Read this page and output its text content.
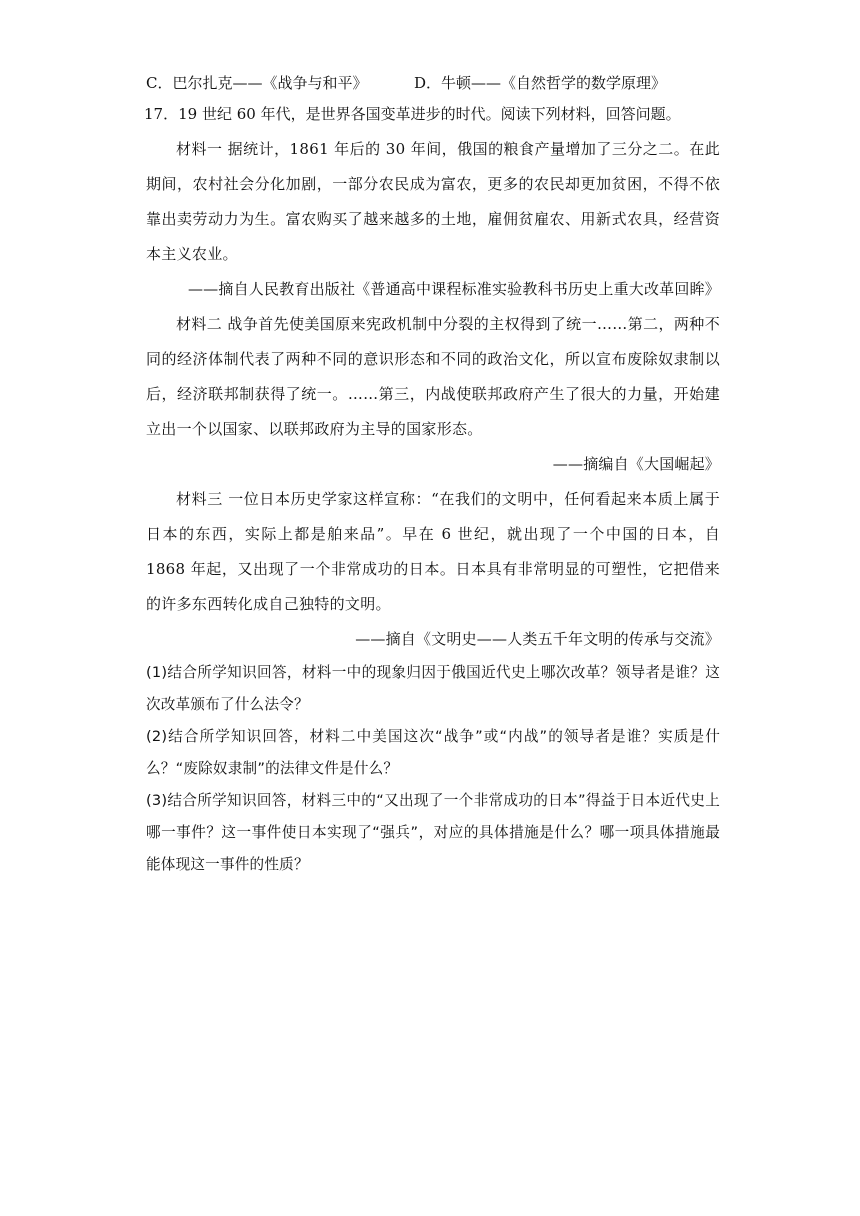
C．巴尔扎克——《战争与和平》	D．牛顿——《自然哲学的数学原理》
17．19 世纪 60 年代，是世界各国变革进步的时代。阅读下列材料，回答问题。

材料一 据统计，1861 年后的 30 年间，俄国的粮食产量增加了三分之二。在此期间，农村社会分化加剧，一部分农民成为富农，更多的农民却更加贫困，不得不依靠出卖劳动力为生。富农购买了越来越多的土地，雇佣贫雇农、用新式农具，经营资本主义农业。

——摘自人民教育出版社《普通高中课程标准实验教科书历史上重大改革回眸》

材料二 战争首先使美国原来宪政机制中分裂的主权得到了统一……第二，两种不同的经济体制代表了两种不同的意识形态和不同的政治文化，所以宣布废除奴隶制以后，经济联邦制获得了统一。……第三，内战使联邦政府产生了很大的力量，开始建立出一个以国家、以联邦政府为主导的国家形态。

——摘编自《大国崛起》

材料三 一位日本历史学家这样宣称：“在我们的文明中，任何看起来本质上属于日本的东西，实际上都是舶来品”。早在 6 世纪，就出现了一个中国的日本，自 1868 年起，又出现了一个非常成功的日本。日本具有非常明显的可塑性，它把借来的许多东西转化成自己独特的文明。

——摘自《文明史——人类五千年文明的传承与交流》

(1)结合所学知识回答，材料一中的现象归因于俄国近代史上哪次改革？领导者是谁？这次改革颁布了什么法令？

(2)结合所学知识回答，材料二中美国这次“战争”或“内战”的领导者是谁？实质是什么？“废除奴隶制”的法律文件是什么？

(3)结合所学知识回答，材料三中的“又出现了一个非常成功的日本”得益于日本近代史上哪一事件？这一事件使日本实现了“强兵”，对应的具体措施是什么？哪一项具体措施最能体现这一事件的性质？
